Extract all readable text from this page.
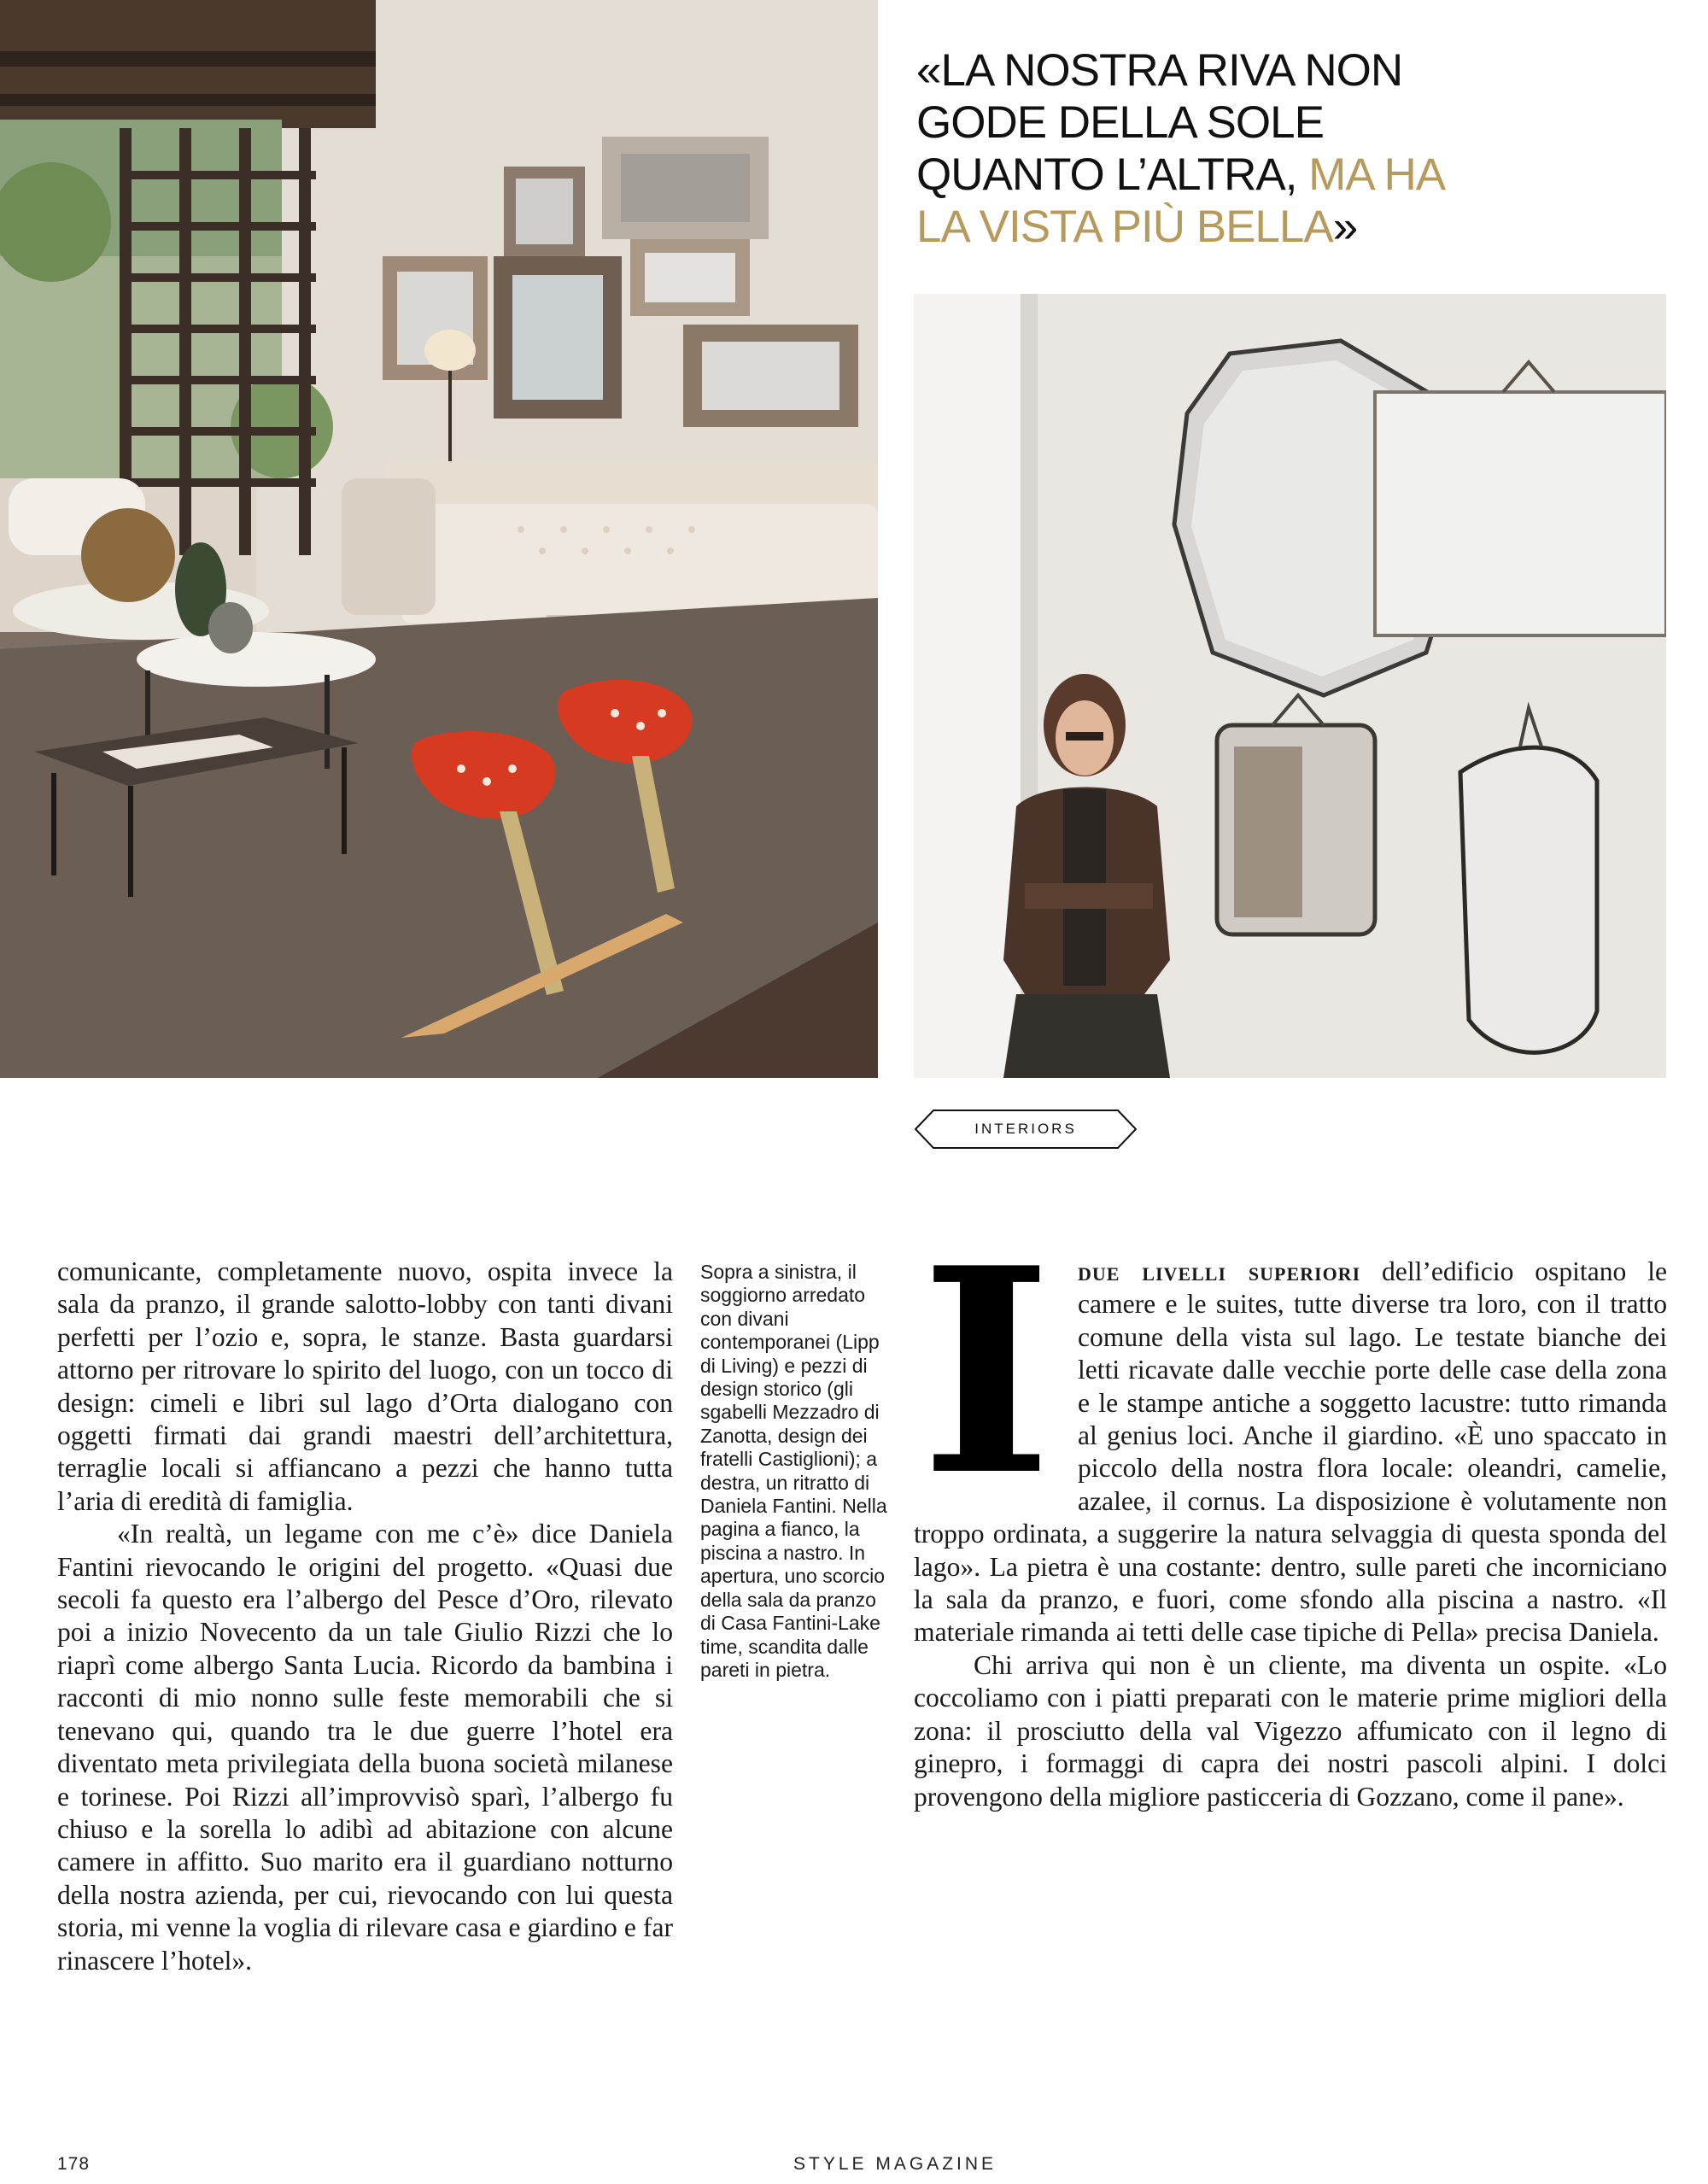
«LA NOSTRA RIVA NON
GODE DELLA SOLE
QUANTO L’ALTRA, MA HA
LA VISTA PIÙ BELLA»
INTERIORS

comunicante, completamente nuovo, ospita invece la sala da pranzo, il grande salotto-lobby con tanti divani perfetti per l’ozio e, sopra, le stanze. Basta guardarsi attorno per ritrovare lo spirito del luogo, con un tocco di design: cimeli e libri sul lago d’Orta dialogano con oggetti firmati dai grandi maestri dell’architettura, terraglie locali si affiancano a pezzi che hanno tutta l’aria di eredità di famiglia.

«In realtà, un legame con me c’è» dice Daniela Fantini rievocando le origini del progetto. «Quasi due secoli fa questo era l’albergo del Pesce d’Oro, rilevato poi a inizio Novecento da un tale Giulio Rizzi che lo riaprì come albergo Santa Lucia. Ricordo da bambina i racconti di mio nonno sulle feste memorabili che si tenevano qui, quando tra le due guerre l’hotel era diventato meta privilegiata della buona società milanese e torinese. Poi Rizzi all’improvvisò sparì, l’albergo fu chiuso e la sorella lo adibì ad abitazione con alcune camere in affitto. Suo marito era il guardiano notturno della nostra azienda, per cui, rievocando con lui questa storia, mi venne la voglia di rilevare casa e giardino e far rinascere l’hotel».

Sopra a sinistra, il soggiorno arredato con divani contemporanei (Lipp di Living) e pezzi di design storico (gli sgabelli Mezzadro di Zanotta, design dei fratelli Castiglioni); a destra, un ritratto di Daniela Fantini. Nella pagina a fianco, la piscina a nastro. In apertura, uno scorcio della sala da pranzo di Casa Fantini-Lake time, scandita dalle pareti in pietra.

Idue livelli superiori dell’edificio ospitano le camere e le suites, tutte diverse tra loro, con il tratto comune della vista sul lago. Le testate bianche dei letti ricavate dalle vecchie porte delle case della zona e le stampe antiche a soggetto lacustre: tutto rimanda al genius loci. Anche il giardino. «È uno spaccato in piccolo della nostra flora locale: oleandri, camelie, azalee, il cornus. La disposizione è volutamente non troppo ordinata, a suggerire la natura selvaggia di questa sponda del lago». La pietra è una costante: dentro, sulle pareti che incorniciano la sala da pranzo, e fuori, come sfondo alla piscina a nastro. «Il materiale rimanda ai tetti delle case tipiche di Pella» precisa Daniela.

Chi arriva qui non è un cliente, ma diventa un ospite. «Lo coccoliamo con i piatti preparati con le materie prime migliori della zona: il prosciutto della val Vigezzo affumicato con il legno di ginepro, i formaggi di capra dei nostri pascoli alpini. I dolci provengono della migliore pasticceria di Gozzano, come il pane».

178	STYLE MAGAZINE
